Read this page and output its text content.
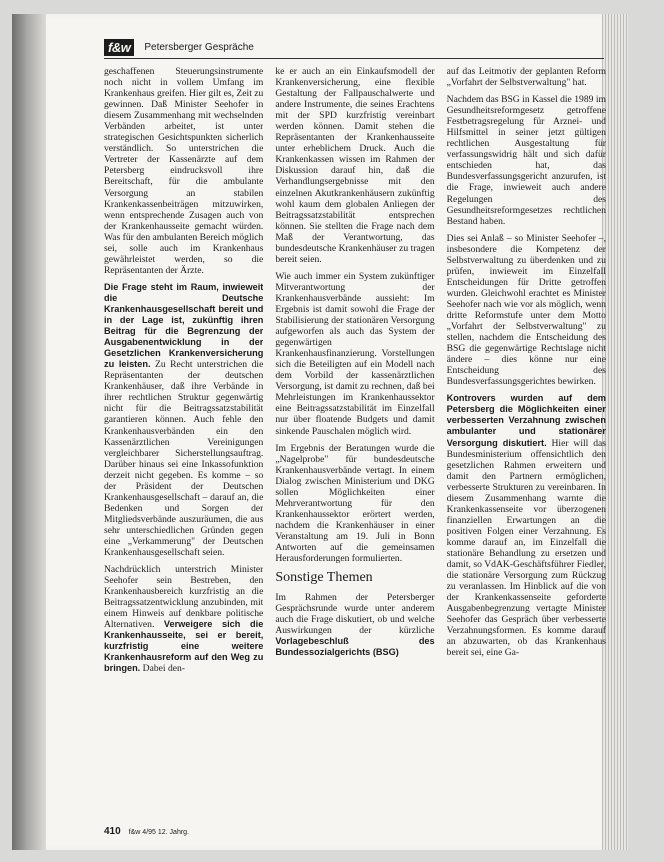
f&w	Petersberger Gespräche

geschaffenen Steuerungsinstrumente noch nicht in vollem Umfang im Krankenhaus greifen. Hier gilt es, Zeit zu gewinnen. Daß Minister Seehofer in diesem Zusammenhang mit wechselnden Verbänden arbeitet, ist unter strategischen Gesichtspunkten sicherlich verständlich. So unterstrichen die Vertreter der Kassenärzte auf dem Petersberg eindrucksvoll ihre Bereitschaft, für die ambulante Versorgung an stabilen Krankenkassenbeiträgen mitzuwirken, wenn entsprechende Zusagen auch von der Krankenhausseite gemacht würden. Was für den ambulanten Bereich möglich sei, solle auch im Krankenhaus gewährleistet werden, so die Repräsentanten der Ärzte.

Die Frage steht im Raum, inwieweit die Deutsche Krankenhausgesellschaft bereit und in der Lage ist, zukünftig ihren Beitrag für die Begrenzung der Ausgabenentwicklung in der Gesetzlichen Krankenversicherung zu leisten. Zu Recht unterstrichen die Repräsentanten der deutschen Krankenhäuser, daß ihre Verbände in ihrer rechtlichen Struktur gegenwärtig nicht für die Beitragssatzstabilität garantieren können. Auch fehle den Krankenhausverbänden ein den Kassenärztlichen Vereinigungen vergleichbarer Sicherstellungsauftrag. Darüber hinaus sei eine Inkassofunktion derzeit nicht gegeben. Es komme – so der Präsident der Deutschen Krankenhausgesellschaft – darauf an, die Bedenken und Sorgen der Mitgliedsverbände auszuräumen, die aus sehr unterschiedlichen Gründen gegen eine „Verkammerung" der Deutschen Krankenhausgesellschaft seien.

Nachdrücklich unterstrich Minister Seehofer sein Bestreben, den Krankenhausbereich kurzfristig an die Beitragssatzentwicklung anzubinden, mit einem Hinweis auf denkbare politische Alternativen. Verweigere sich die Krankenhausseite, sei er bereit, kurzfristig eine weitere Krankenhausreform auf den Weg zu bringen. Dabei den-

ke er auch an ein Einkaufsmodell der Krankenversicherung, eine flexible Gestaltung der Fallpauschalwerte und andere Instrumente, die seines Erachtens mit der SPD kurzfristig vereinbart werden können. Damit stehen die Repräsentanten der Krankenhausseite unter erheblichem Druck. Auch die Krankenkassen wissen im Rahmen der Diskussion darauf hin, daß die Verhandlungsergebnisse mit den einzelnen Akutkrankenhäusern zukünftig wohl kaum dem globalen Anliegen der Beitragssatzstabilität entsprechen können. Sie stellten die Frage nach dem Maß der Verantwortung, das bundesdeutsche Krankenhäuser zu tragen bereit seien.

Wie auch immer ein System zukünftiger Mitverantwortung der Krankenhausverbände aussieht: Im Ergebnis ist damit sowohl die Frage der Stabilisierung der stationären Versorgung aufgeworfen als auch das System der gegenwärtigen Krankenhausfinanzierung. Vorstellungen sich die Beteiligten auf ein Modell nach dem Vorbild der kassenärztlichen Versorgung, ist damit zu rechnen, daß bei Mehrleistungen im Krankenhaussektor eine Beitragssatzstabilität im Einzelfall nur über floatende Budgets und damit sinkende Pauschalen möglich wird.

Im Ergebnis der Beratungen wurde die „Nagelprobe" für bundesdeutsche Krankenhausverbände vertagt. In einem Dialog zwischen Ministerium und DKG sollen Möglichkeiten einer Mehrverantwortung für den Krankenhaussektor erörtert werden, nachdem die Krankenhäuser in einer Veranstaltung am 19. Juli in Bonn Antworten auf die gemeinsamen Herausforderungen formulierten.

Sonstige Themen

Im Rahmen der Petersberger Gesprächsrunde wurde unter anderem auch die Frage diskutiert, ob und welche Auswirkungen der kürzliche Vorlagebeschluß des Bundessozialgerichts (BSG)

auf das Leitmotiv der geplanten Reform „Vorfahrt der Selbstverwaltung" hat.

Nachdem das BSG in Kassel die 1989 im Gesundheitsreformgesetz getroffene Festbetragsregelung für Arznei- und Hilfsmittel in seiner jetzt gültigen rechtlichen Ausgestaltung für verfassungswidrig hält und sich dafür entschieden hat, das Bundesverfassungsgericht anzurufen, ist die Frage, inwieweit auch andere Regelungen des Gesundheitsreformgesetzes rechtlichen Bestand haben.

Dies sei Anlaß – so Minister Seehofer –, insbesondere die Kompetenz der Selbstverwaltung zu überdenken und zu prüfen, inwieweit im Einzelfall Entscheidungen für Dritte getroffen wurden. Gleichwohl erachtet es Minister Seehofer nach wie vor als möglich, wenn dritte Reformstufe unter dem Motto „Vorfahrt der Selbstverwaltung" zu stellen, nachdem die Entscheidung des BSG die gegenwärtige Rechtslage nicht ändere – dies könne nur eine Entscheidung des Bundesverfassungsgerichtes bewirken.

Kontrovers wurden auf dem Petersberg die Möglichkeiten einer verbesserten Verzahnung zwischen ambulanter und stationärer Versorgung diskutiert. Hier will das Bundesministerium offensichtlich den gesetzlichen Rahmen erweitern und damit den Partnern ermöglichen, verbesserte Strukturen zu vereinbaren. In diesem Zusammenhang warnte die Krankenkassenseite vor überzogenen finanziellen Erwartungen an die positiven Folgen einer Verzahnung. Es komme darauf an, im Einzelfall die stationäre Behandlung zu ersetzen und damit, so VdAK-Geschäftsführer Fiedler, die stationäre Versorgung zum Rückzug zu veranlassen. Im Hinblick auf die von der Krankenkassenseite geforderte Ausgabenbegrenzung vertagte Minister Seehofer das Gespräch über verbesserte Verzahnungsformen. Es komme darauf an abzuwarten, ob das Krankenhaus bereit sei, eine Ga-

410 f&w 4/95 12. Jahrg.
